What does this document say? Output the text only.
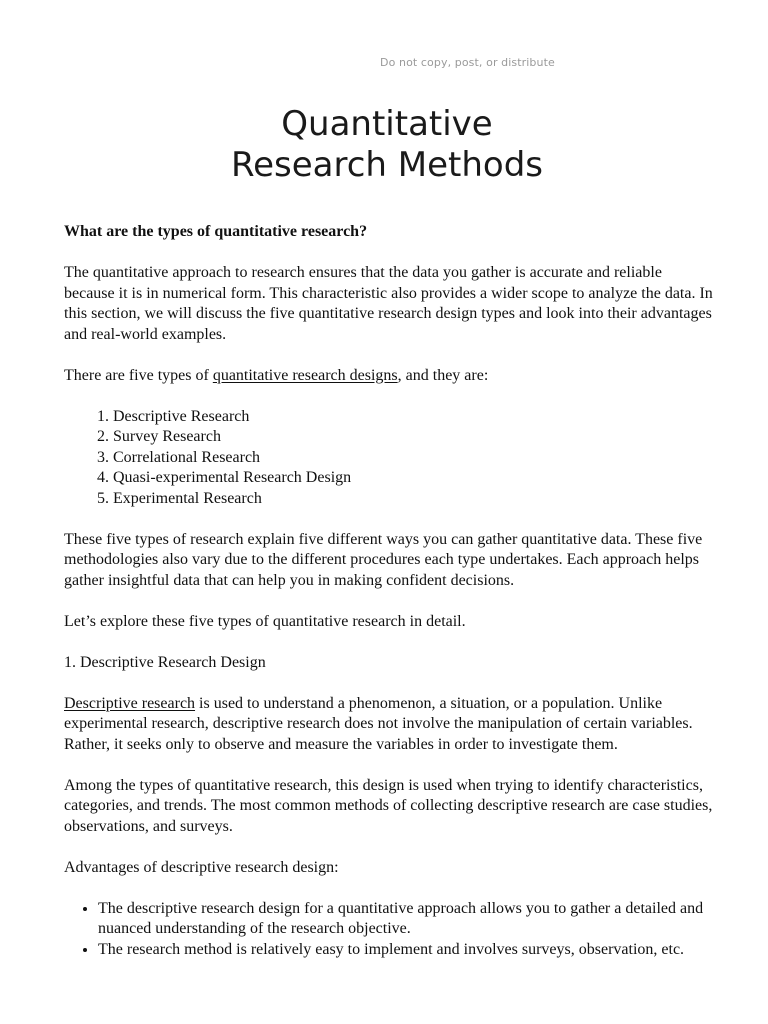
Do not copy, post, or distribute
Quantitative
Research Methods

What are the types of quantitative research?

The quantitative approach to research ensures that the data you gather is accurate and reliable because it is in numerical form. This characteristic also provides a wider scope to analyze the data. In this section, we will discuss the five quantitative research design types and look into their advantages and real-world examples.

There are five types of quantitative research designs, and they are:

1. Descriptive Research
2. Survey Research
3. Correlational Research
4. Quasi-experimental Research Design
5. Experimental Research

These five types of research explain five different ways you can gather quantitative data. These five methodologies also vary due to the different procedures each type undertakes. Each approach helps gather insightful data that can help you in making confident decisions.

Let’s explore these five types of quantitative research in detail.

1. Descriptive Research Design

Descriptive research is used to understand a phenomenon, a situation, or a population. Unlike experimental research, descriptive research does not involve the manipulation of certain variables. Rather, it seeks only to observe and measure the variables in order to investigate them.

Among the types of quantitative research, this design is used when trying to identify characteristics, categories, and trends. The most common methods of collecting descriptive research are case studies, observations, and surveys.

Advantages of descriptive research design:

• The descriptive research design for a quantitative approach allows you to gather a detailed and nuanced understanding of the research objective.
• The research method is relatively easy to implement and involves surveys, observation, etc.
